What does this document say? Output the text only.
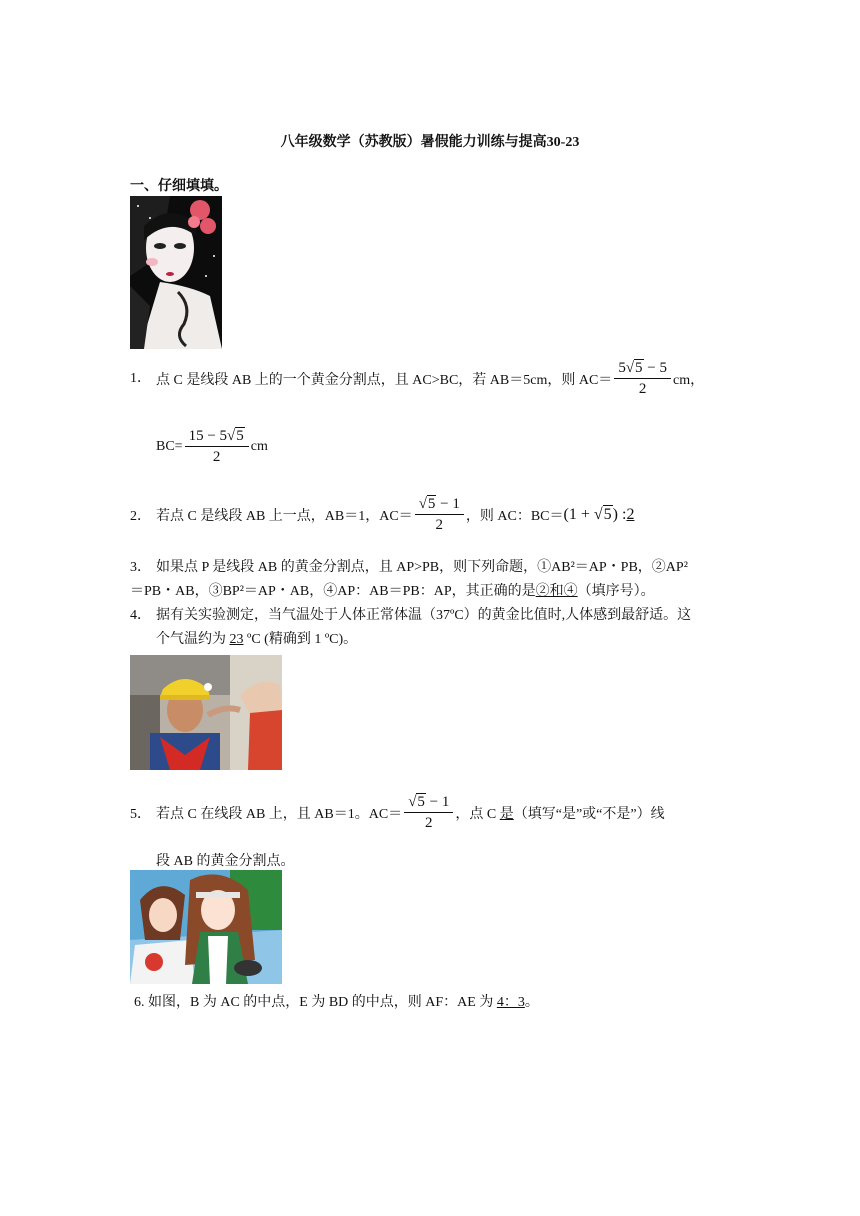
八年级数学（苏教版）暑假能力训练与提高30-23
一、仔细填填。
1． 点 C 是线段 AB 上的一个黄金分割点，且 AC>BC，若 AB＝5cm，则 $AC= \frac{5√5 - 5}{2}$ cm，
$BC= \frac{15 - 5√5}{2}$ cm
2． 若点 C 是线段 AB 上一点，AB＝1，$AC= \frac{√5 - 1}{2}$ ，则 AC：BC＝(1 + √5) :2
3． 如果点 P 是线段 AB 的黄金分割点，且 AP>PB，则下列命题，①AB²＝AP・PB，②AP²
＝PB・AB，③BP²＝AP・AB，④AP：AB＝PB：AP，其正确的是②和④（填序号）。
4． 据有关实验测定，当气温处于人体正常体温（37ºC）的黄金比值时,人体感到最舒适。这
个气温约为 23 ºC (精确到 1 ºC)。
5． 若点 C 在线段 AB 上，且 AB＝1。$AC= \frac{√5 - 1}{2}$ ，点 C 是（填写“是”或“不是”）线
段 AB 的黄金分割点。
6. 如图，B 为 AC 的中点，E 为 BD 的中点，则 AF：AE 为 4：3。
